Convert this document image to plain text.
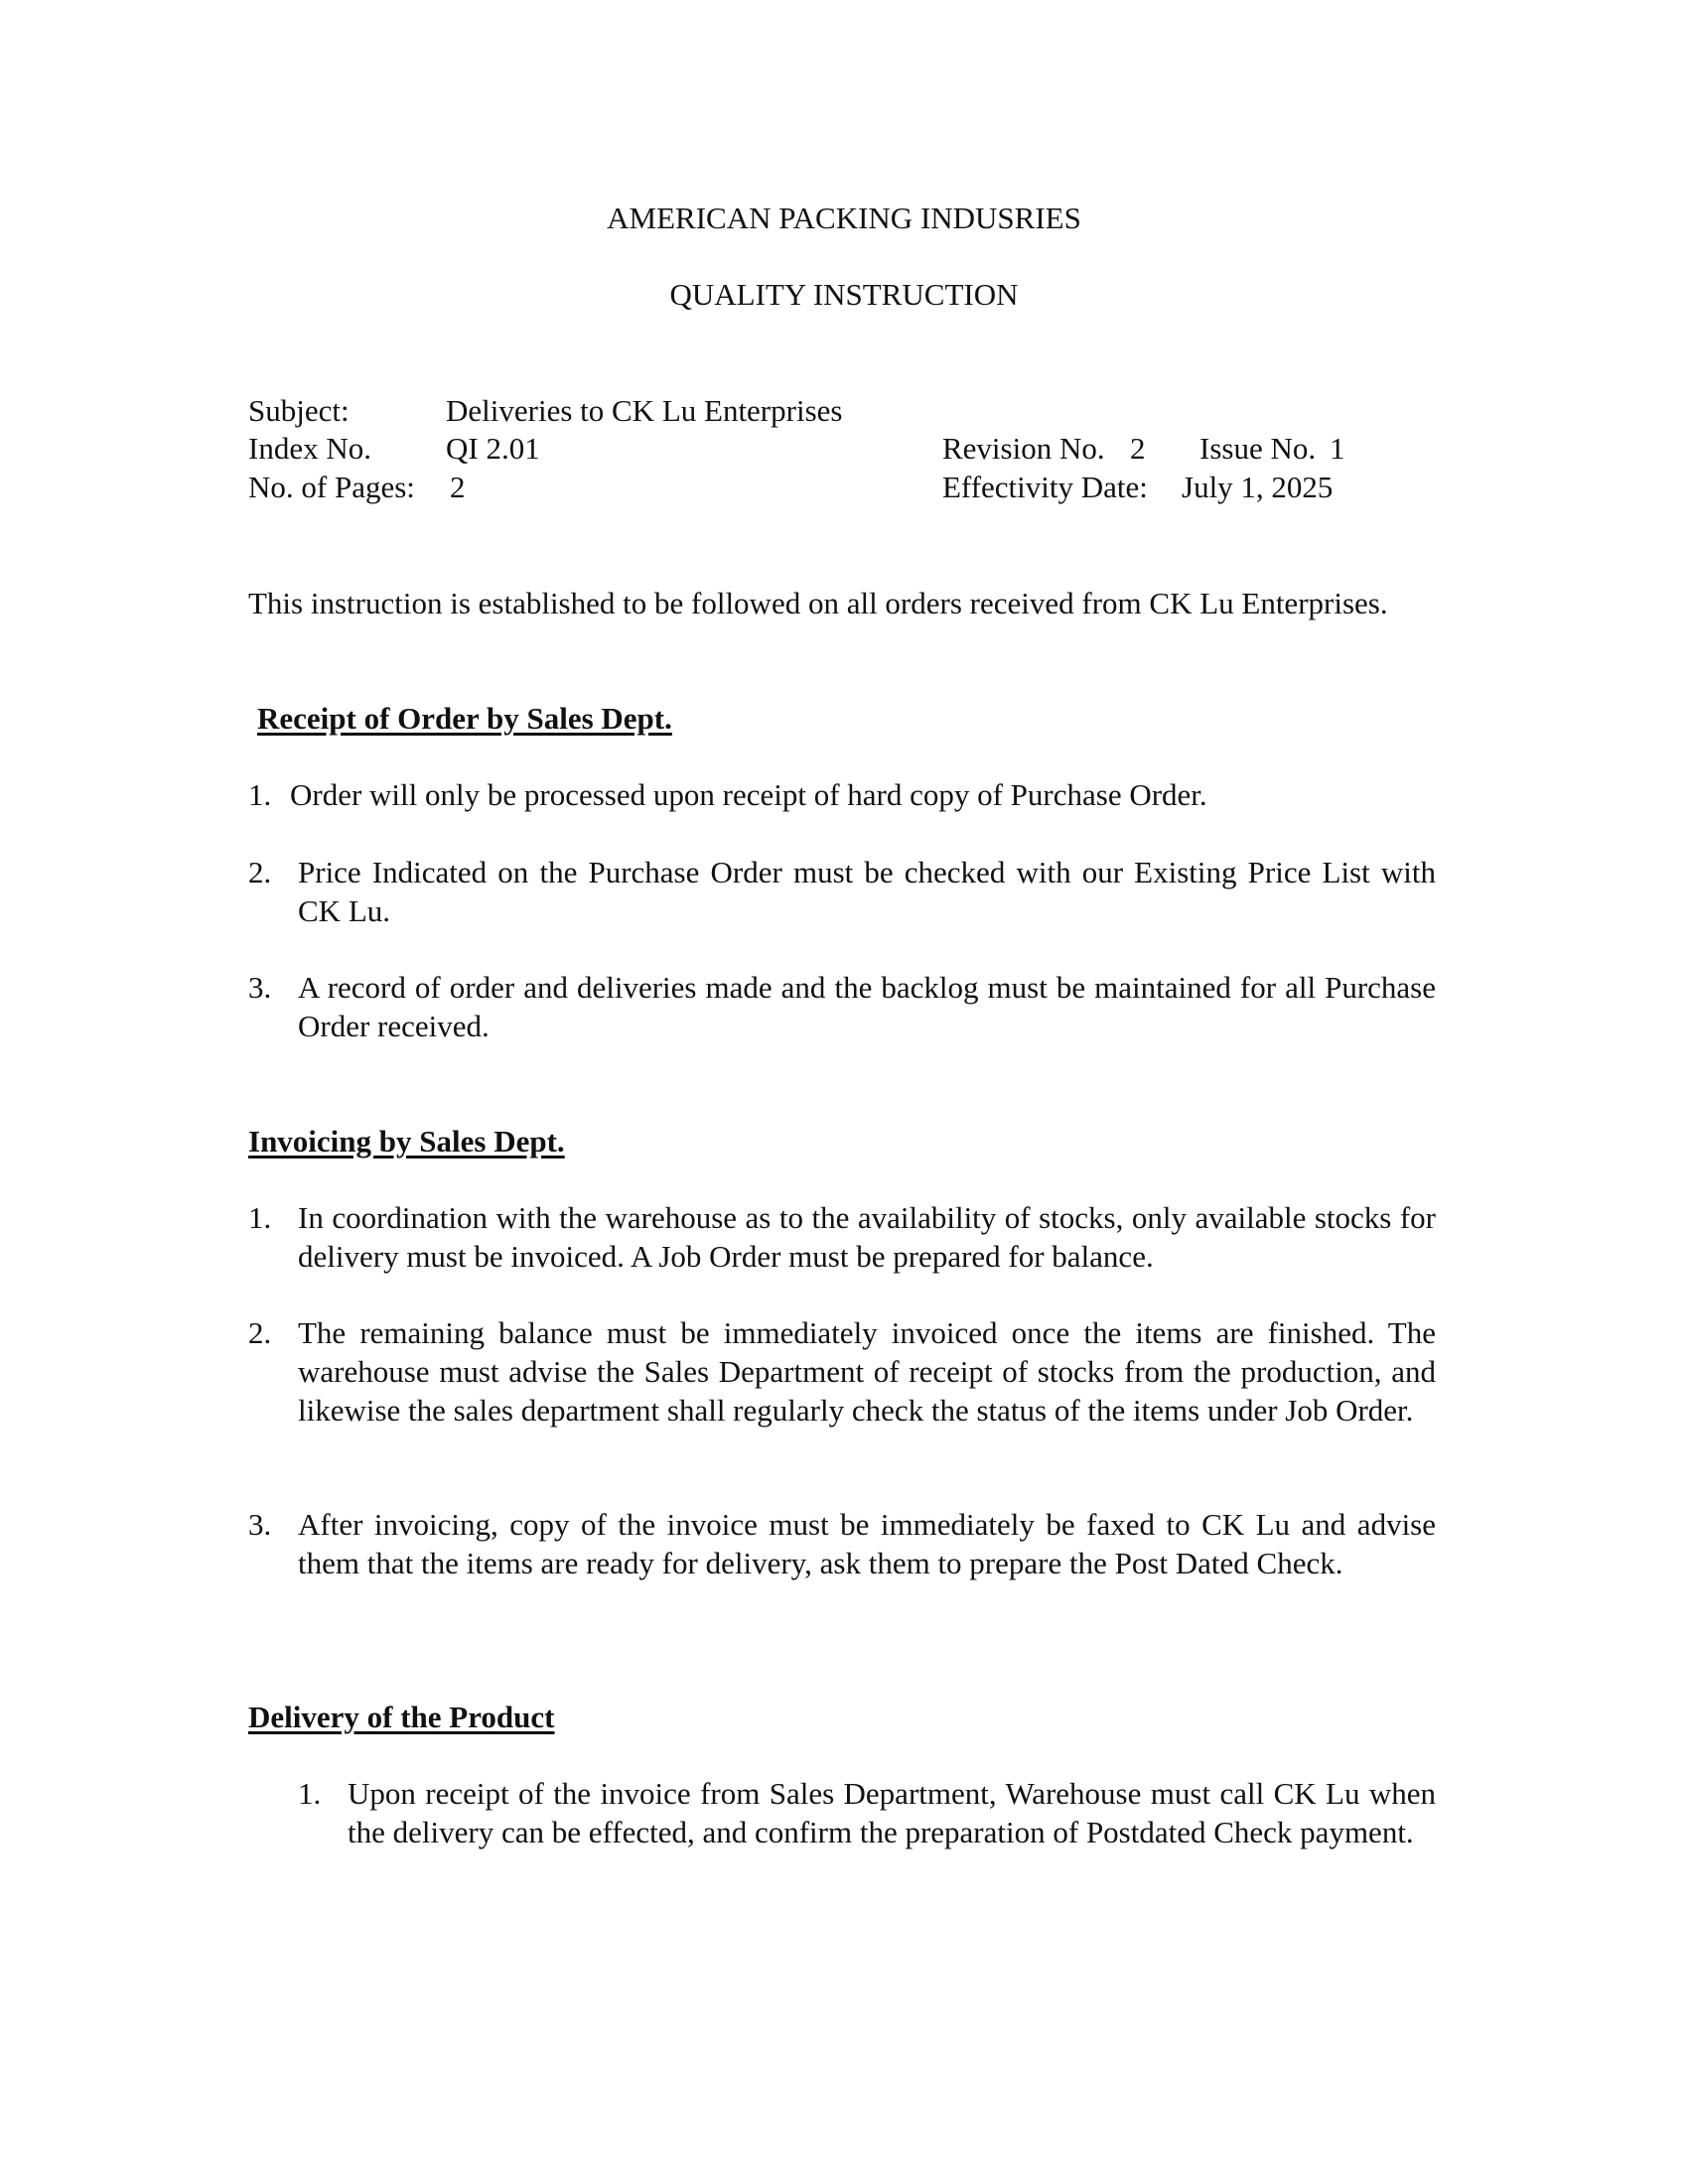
AMERICAN PACKING INDUSRIES
QUALITY INSTRUCTION
Subject:	Deliveries to CK Lu Enterprises
Index No. QI 2.01
No. of Pages: 2
Revision No. 2 Issue No. 1
Effectivity Date: July 1, 2025
This instruction is established to be followed on all orders received from CK Lu Enterprises.
Receipt of Order by Sales Dept.
1. Order will only be processed upon receipt of hard copy of Purchase Order.
2. Price Indicated on the Purchase Order must be checked with our Existing Price List with CK Lu.
3. A record of order and deliveries made and the backlog must be maintained for all Purchase Order received.
Invoicing by Sales Dept.
1. In coordination with the warehouse as to the availability of stocks, only available stocks for delivery must be invoiced. A Job Order must be prepared for balance.
2. The remaining balance must be immediately invoiced once the items are finished. The warehouse must advise the Sales Department of receipt of stocks from the production, and likewise the sales department shall regularly check the status of the items under Job Order.
3. After invoicing, copy of the invoice must be immediately be faxed to CK Lu and advise them that the items are ready for delivery, ask them to prepare the Post Dated Check.
Delivery of the Product
1. Upon receipt of the invoice from Sales Department, Warehouse must call CK Lu when the delivery can be effected, and confirm the preparation of Postdated Check payment.
